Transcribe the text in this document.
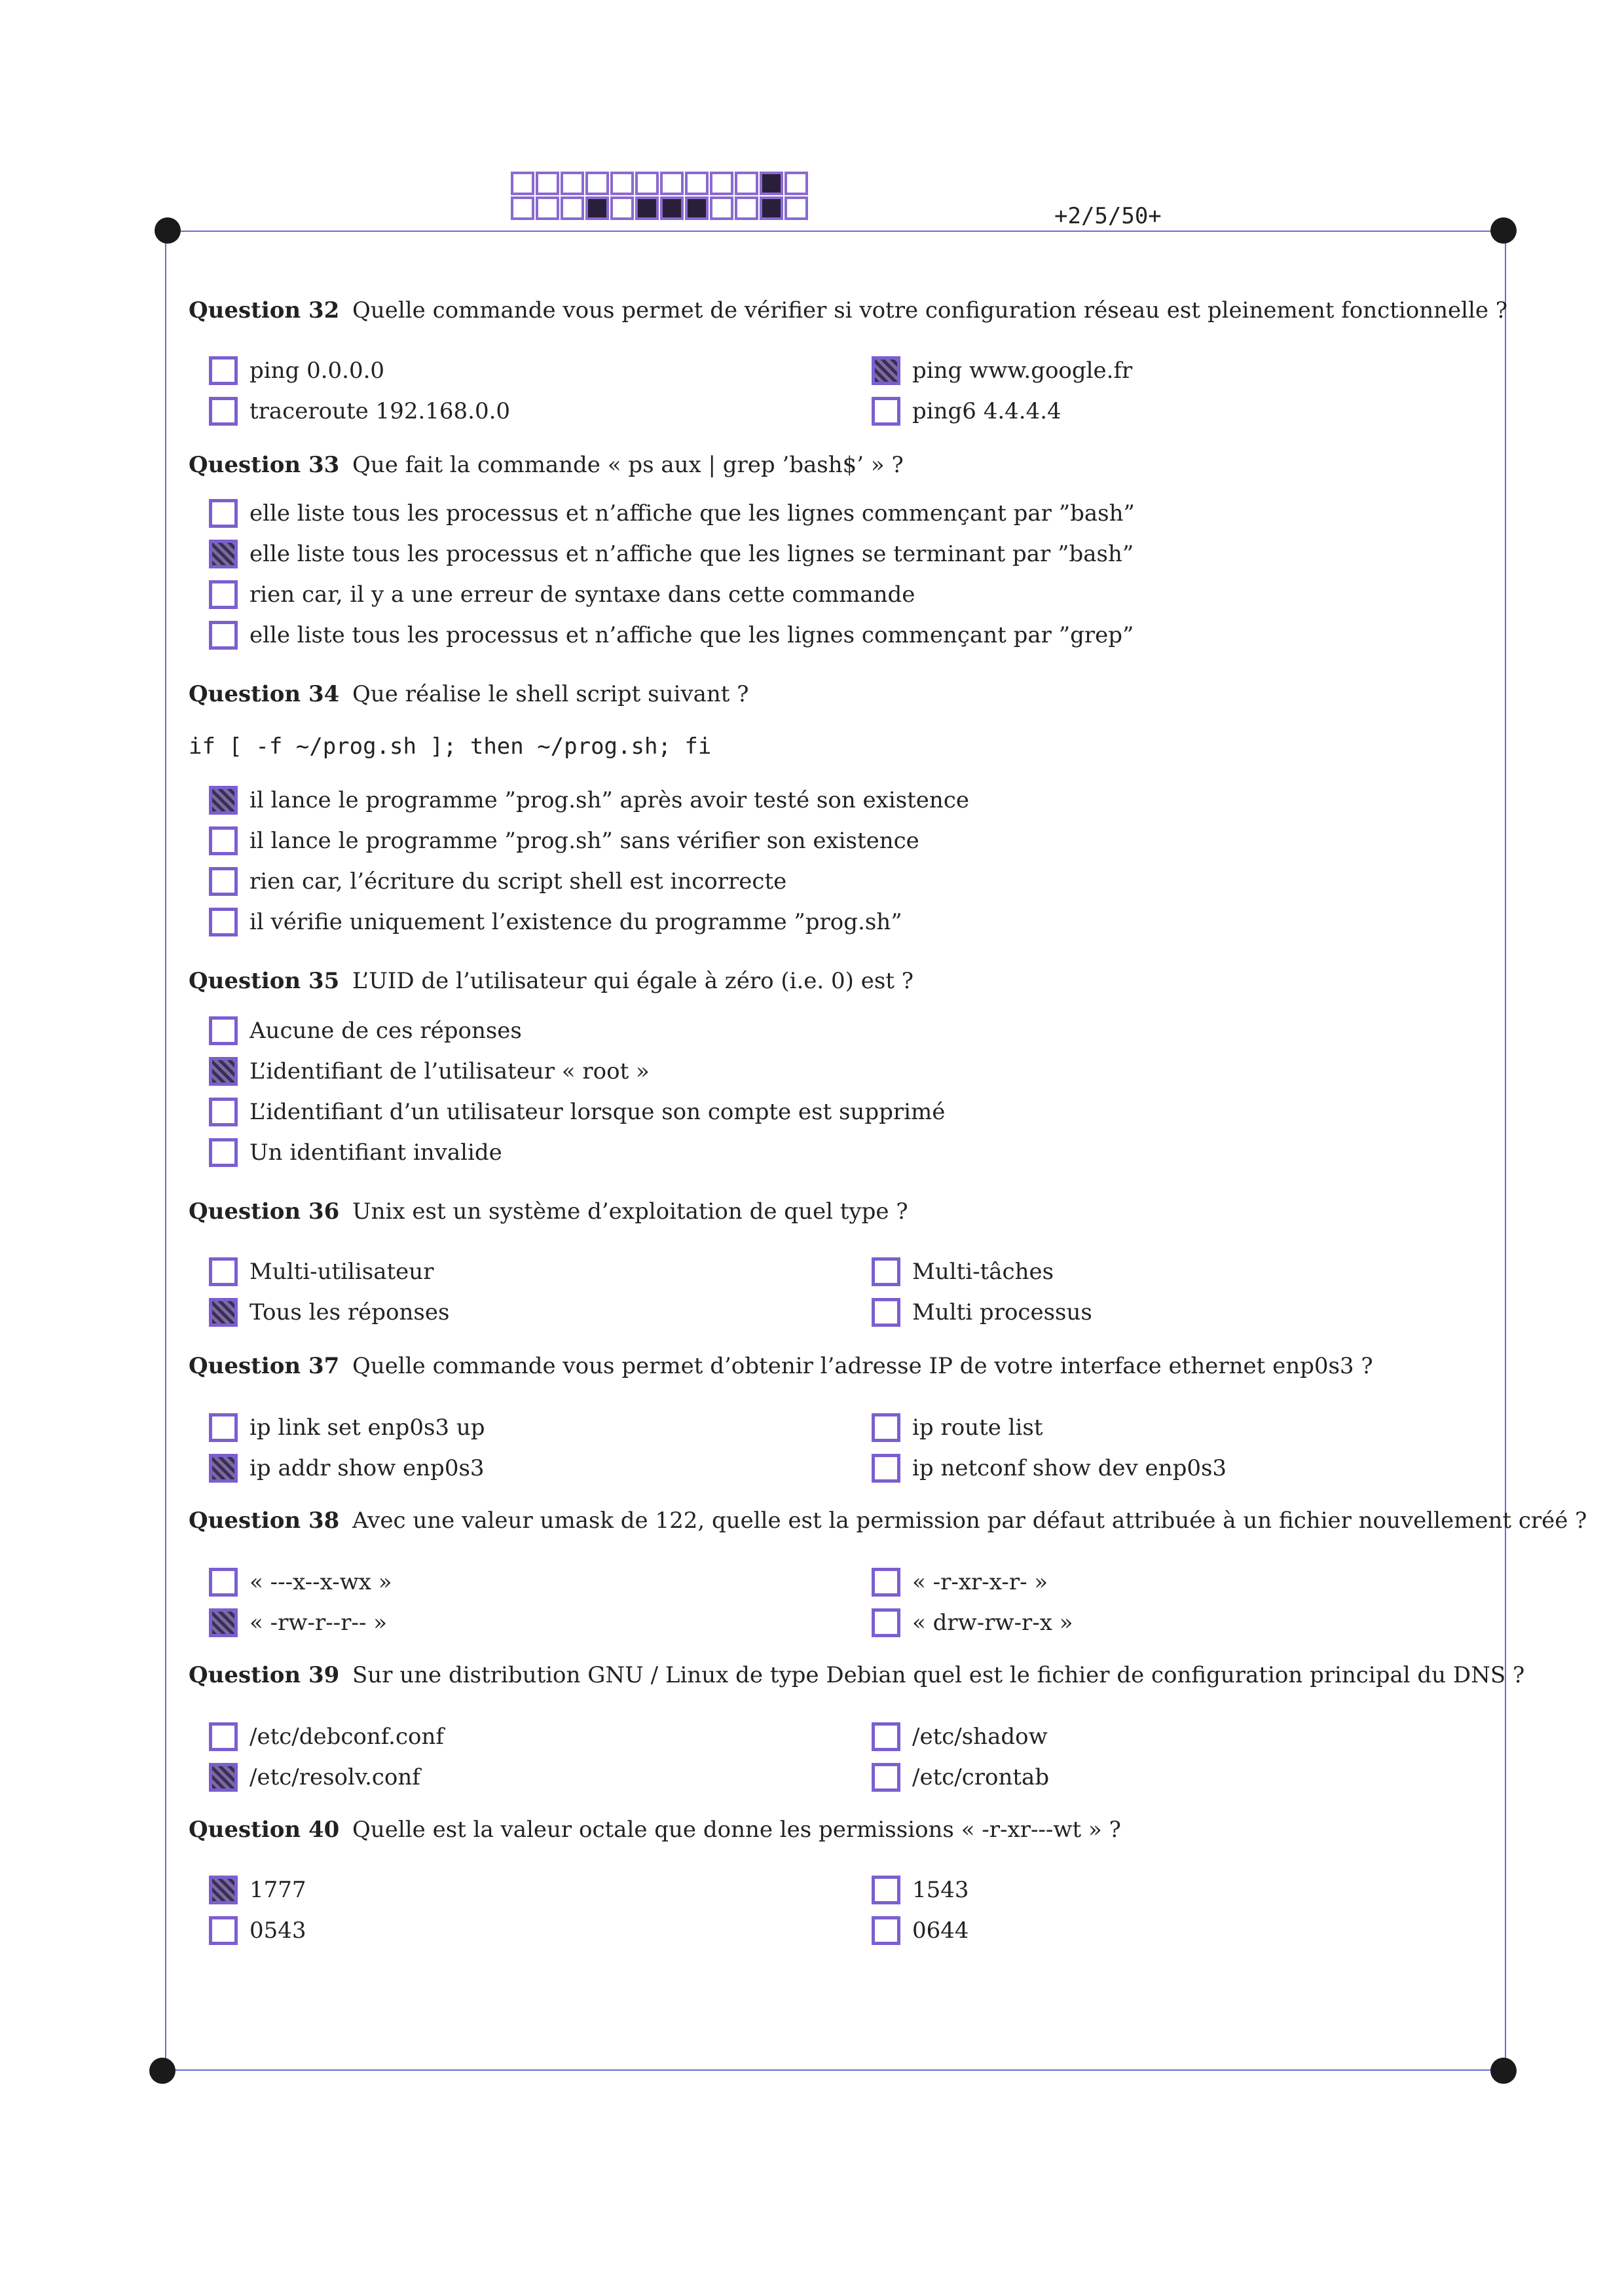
+2/5/50+
Question 32 Quelle commande vous permet de vérifier si votre configuration réseau est pleinement fonctionnelle ?
ping 0.0.0.0	ping www.google.fr
traceroute 192.168.0.0	ping6 4.4.4.4
Question 33 Que fait la commande « ps aux | grep ’bash$’ » ?
elle liste tous les processus et n’affiche que les lignes commençant par ”bash”
elle liste tous les processus et n’affiche que les lignes se terminant par ”bash”
rien car, il y a une erreur de syntaxe dans cette commande
elle liste tous les processus et n’affiche que les lignes commençant par ”grep”
Question 34 Que réalise le shell script suivant ?
if [ -f ~/prog.sh ]; then ~/prog.sh; fi
il lance le programme ”prog.sh” après avoir testé son existence
il lance le programme ”prog.sh” sans vérifier son existence
rien car, l’écriture du script shell est incorrecte
il vérifie uniquement l’existence du programme ”prog.sh”
Question 35 L’UID de l’utilisateur qui égale à zéro (i.e. 0) est ?
Aucune de ces réponses
L’identifiant de l’utilisateur « root »
L’identifiant d’un utilisateur lorsque son compte est supprimé
Un identifiant invalide
Question 36 Unix est un système d’exploitation de quel type ?
Multi-utilisateur	Multi-tâches
Tous les réponses	Multi processus
Question 37 Quelle commande vous permet d’obtenir l’adresse IP de votre interface ethernet enp0s3 ?
ip link set enp0s3 up	ip route list
ip addr show enp0s3	ip netconf show dev enp0s3
Question 38 Avec une valeur umask de 122, quelle est la permission par défaut attribuée à un fichier nouvellement créé ?
« ---x--x-wx »	« -r-xr-x-r- »
« -rw-r--r-- »	« drw-rw-r-x »
Question 39 Sur une distribution GNU / Linux de type Debian quel est le fichier de configuration principal du DNS ?
/etc/debconf.conf	/etc/shadow
/etc/resolv.conf	/etc/crontab
Question 40 Quelle est la valeur octale que donne les permissions « -r-xr---wt » ?
1777	1543
0543	0644
